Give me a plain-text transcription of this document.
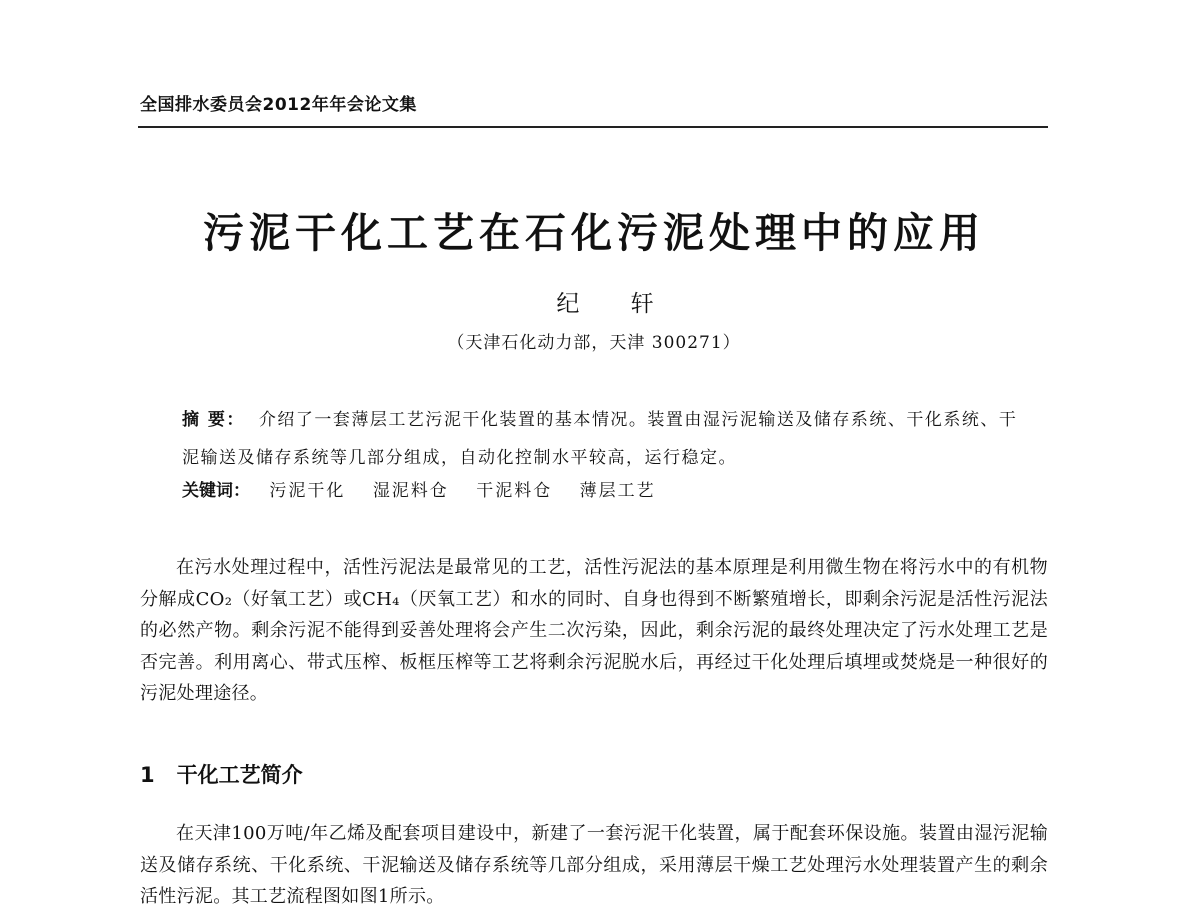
全国排水委员会2012年年会论文集
污泥干化工艺在石化污泥处理中的应用
纪 轩
（天津石化动力部，天津 300271）
摘 要： 介绍了一套薄层工艺污泥干化装置的基本情况。装置由湿污泥输送及储存系统、干化系统、干泥输送及储存系统等几部分组成，自动化控制水平较高，运行稳定。
关键词： 污泥干化 湿泥料仓 干泥料仓 薄层工艺
在污水处理过程中，活性污泥法是最常见的工艺，活性污泥法的基本原理是利用微生物在将污水中的有机物分解成CO₂（好氧工艺）或CH₄（厌氧工艺）和水的同时、自身也得到不断繁殖增长，即剩余污泥是活性污泥法的必然产物。剩余污泥不能得到妥善处理将会产生二次污染，因此，剩余污泥的最终处理决定了污水处理工艺是否完善。利用离心、带式压榨、板框压榨等工艺将剩余污泥脱水后，再经过干化处理后填埋或焚烧是一种很好的污泥处理途径。
1 干化工艺简介
在天津100万吨/年乙烯及配套项目建设中，新建了一套污泥干化装置，属于配套环保设施。装置由湿污泥输送及储存系统、干化系统、干泥输送及储存系统等几部分组成，采用薄层干燥工艺处理污水处理装置产生的剩余活性污泥。其工艺流程图如图1所示。
